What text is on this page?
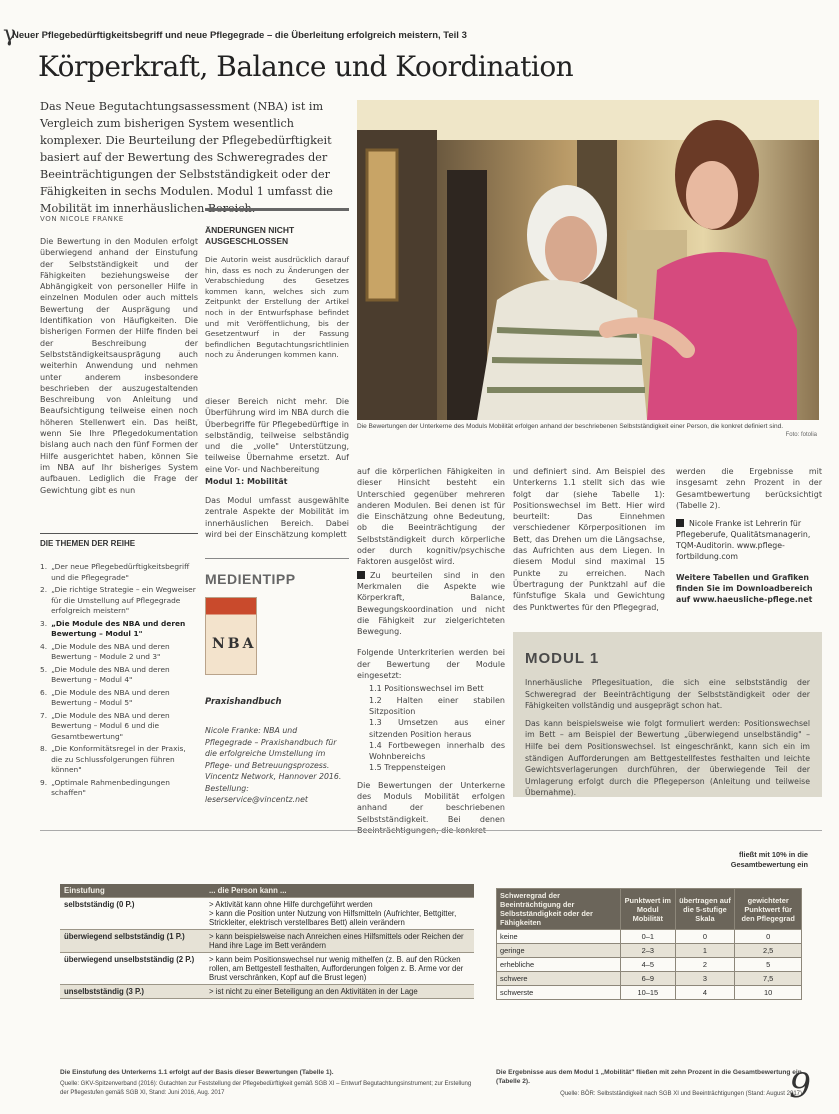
γ
Neuer Pflegebedürftigkeitsbegriff und neue Pflegegrade – die Überleitung erfolgreich meistern, Teil 3
Körperkraft, Balance und Koordination
Das Neue Begutachtungsassessment (NBA) ist im Vergleich zum bisherigen System wesentlich komplexer. Die Beurteilung der Pflegebedürftigkeit basiert auf der Bewertung des Schweregrades der Beeinträchtigungen der Selbstständigkeit oder der Fähigkeiten in sechs Modulen. Modul 1 umfasst die Mobilität im innerhäuslichen Bereich.
VON NICOLE FRANKE
Die Bewertung in den Modulen erfolgt überwiegend anhand der Einstufung der Selbstständigkeit und der Fähigkeiten beziehungsweise der Abhängigkeit von personeller Hilfe in einzelnen Modulen oder auch mittels Bewertung der Ausprägung und Identifikation von Häufigkeiten. Die bisherigen Formen der Hilfe finden bei der Beschreibung der Selbstständigkeitsausprägung auch weiterhin Anwendung und nehmen unter anderem insbesondere beschrieben der auszugestaltenden Beschreibung von Anleitung und Beaufsichtigung teilweise einen noch höheren Stellenwert ein. Das heißt, wenn Sie Ihre Pflegedokumentation bislang auch nach den fünf Formen der Hilfe ausgerichtet haben, können Sie im NBA auf Ihr bisheriges System aufbauen. Lediglich die Frage der Gewichtung gibt es nun
ÄNDERUNGEN NICHT AUSGESCHLOSSEN
Die Autorin weist ausdrücklich darauf hin, dass es noch zu Änderungen der Verabschiedung des Gesetzes kommen kann, welches sich zum Zeitpunkt der Erstellung der Artikel noch in der Entwurfsphase befindet und mit Veröffentlichung, bis der Gesetzentwurf in der Fassung befindlichen Begutachtungsrichtlinien noch zu Änderungen kommen kann.
dieser Bereich nicht mehr. Die Überführung wird im NBA durch die Überbegriffe für Pflegebedürftige in selbständig, teilweise selbständig und die „volle" Unterstützung, teilweise Übernahme ersetzt. Auf eine Vor- und Nachbereitung
Modul 1: Mobilität
Das Modul umfasst ausgewählte zentrale Aspekte der Mobilität im innerhäuslichen Bereich. Dabei wird bei der Einschätzung komplett
Die Bewertungen der Unterkerne des Moduls Mobilität erfolgen anhand der beschriebenen Selbstständigkeit einer Person, die konkret definiert sind.
Foto: fotolia
auf die körperlichen Fähigkeiten in dieser Hinsicht besteht ein Unterschied gegenüber mehreren anderen Modulen. Bei denen ist für die Einschätzung ohne Bedeutung, ob die Beeinträchtigung der Selbstständigkeit durch körperliche oder durch kognitiv/psychische Faktoren ausgelöst wird.
Zu beurteilen sind in den Merkmalen die Aspekte wie Körperkraft, Balance, Bewegungskoordination und nicht die Fähigkeit zur zielgerichteten Bewegung.
Folgende Unterkriterien werden bei der Bewertung der Module eingesetzt:
1.1 Positionswechsel im Bett
1.2 Halten einer stabilen Sitzposition
1.3 Umsetzen aus einer sitzenden Position heraus
1.4 Fortbewegen innerhalb des Wohnbereichs
1.5 Treppensteigen
Die Bewertungen der Unterkerne des Moduls Mobilität erfolgen anhand der beschriebenen Selbstständigkeit. Bei denen
und definiert sind. Am Beispiel des Unterkerns 1.1 stellt sich das wie folgt dar (siehe Tabelle 1): Positionswechsel im Bett. Hier wird beurteilt: Das Einnehmen verschiedener Körperpositionen im Bett, das Drehen um die Längsachse, das Aufrichten aus dem Liegen. In diesem Modul sind maximal 15 Punkte zu erreichen. Nach Übertragung der Punktzahl auf die fünfstufige Skala und Gewichtung des Punktwertes für den Pflegegrad,
werden die Ergebnisse mit insgesamt zehn Prozent in der Gesamtbewertung berücksichtigt (Tabelle 2).
Nicole Franke ist Lehrerin für Pflegeberufe, Qualitätsmanagerin, TQM-Auditorin. www.pflege-fortbildung.com
Weitere Tabellen und Grafiken finden Sie im Downloadbereich auf www.haeusliche-pflege.net
DIE THEMEN DER REIHE
1. „Der neue Pflegebedürftigkeitsbegriff und die Pflegegrade"
2. „Die richtige Strategie – ein Wegweiser für die Umstellung auf Pflegegrade erfolgreich meistern"
3. „Die Module des NBA und deren Bewertung – Modul 1"
4. „Die Module des NBA und deren Bewertung – Module 2 und 3"
5. „Die Module des NBA und deren Bewertung – Modul 4"
6. „Die Module des NBA und deren Bewertung – Modul 5"
7. „Die Module des NBA und deren Bewertung – Modul 6 und die Gesamtbewertung"
8. „Die Konformitätsregel in der Praxis, die zu Schlussfolgerungen führen können"
9. „Optimale Rahmenbedingungen schaffen"
MEDIENTIPP
NBA
Praxishandbuch
Nicole Franke: NBA und Pflegegrade – Praxishandbuch für die erfolgreiche Umstellung im Pflege- und Betreuungsprozess. Vincentz Network, Hannover 2016. Bestellung: leserservice@vincentz.net
MODUL 1
Innerhäusliche Pflegesituation, die sich eine selbstständig der Schweregrad der Beeinträchtigung der Selbstständigkeit oder der Fähigkeiten vollständig und ausgeprägt schon hat.
Das kann beispielsweise wie folgt formuliert werden: Positionswechsel im Bett – am Beispiel der Bewertung „überwiegend unselbständig" – Hilfe bei dem Positionswechsel. Ist eingeschränkt, kann sich ein im ständigen Aufforderungen am Bettgestellfestes festhalten und leichte Gewichtsverlagerungen durchführen, der überwiegende Teil der Umlagerung erfolgt durch die Pflegeperson (Anleitung und teilweise Übernahme).
fließt mit 10% in die Gesamtbewertung ein
Einstufung	... die Person kann ...
selbstständig (0 P.)	> Aktivität kann ohne Hilfe durchgeführt werden
> kann die Position unter Nutzung von Hilfsmitteln (Aufrichter, Bettgitter, Strickleiter, elektrisch verstellbares Bett) allein verändern

überwiegend selbstständig (1 P.)	> kann beispielsweise nach Anreichen eines Hilfsmittels oder Reichen der Hand ihre Lage im Bett verändern

überwiegend unselbstständig (2 P.)	> kann beim Positionswechsel nur wenig mithelfen (z. B. auf den Rücken rollen, am Bettgestell festhalten, Aufforderungen folgen z. B. Arme vor der Brust verschränken, Kopf auf die Brust legen)

unselbstständig (3 P.)	> ist nicht zu einer Beteiligung an den Aktivitäten in der Lage
Die Einstufung des Unterkerns 1.1 erfolgt auf der Basis dieser Bewertungen (Tabelle 1).
Quelle: GKV-Spitzenverband (2016): Gutachten zur Feststellung der Pflegebedürftigkeit gemäß SGB XI – Entwurf Begutachtungsinstrument; zur Erstellung der Pflegestufen gemäß SGB XI, Stand: Juni 2016, Aug. 2017
Schweregrad der Beeinträchtigung der Selbstständigkeit oder der Fähigkeiten	Punktwert im Modul Mobilität	übertragen auf die 5-stufige Skala	gewichteter Punktwert für den Pflegegrad
keine	0–1	0	0
geringe	2–3	1	2,5
erhebliche	4–5	2	5
schwere	6–9	3	7,5
schwerste	10–15	4	10
Die Ergebnisse aus dem Modul 1 „Mobilität" fließen mit zehn Prozent in die Gesamtbewertung ein (Tabelle 2).
Quelle: BÖR: Selbstständigkeit nach SGB XI und Beeinträchtigungen (Stand: August 2017)
9
